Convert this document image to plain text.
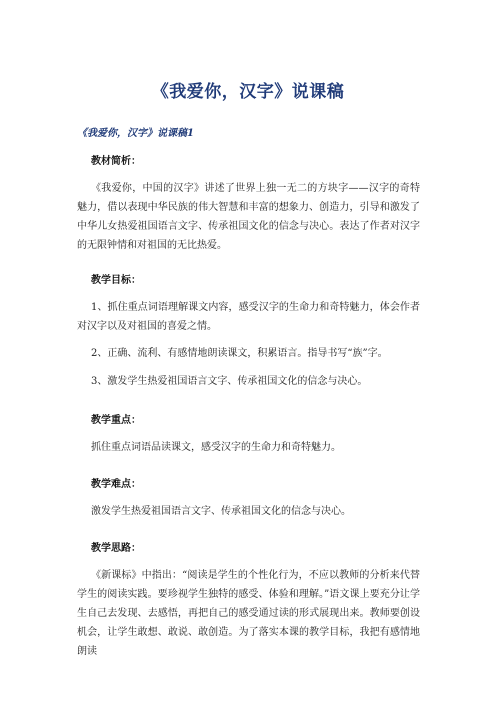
《我爱你，汉字》说课稿
《我爱你，汉字》说课稿1
教材简析：
《我爱你，中国的汉字》讲述了世界上独一无二的方块字——汉字的奇特魅力，借以表现中华民族的伟大智慧和丰富的想象力、创造力，引导和激发了中华儿女热爱祖国语言文字、传承祖国文化的信念与决心。表达了作者对汉字的无限钟情和对祖国的无比热爱。
教学目标：
1、抓住重点词语理解课文内容，感受汉字的生命力和奇特魅力，体会作者对汉字以及对祖国的喜爱之情。
2、正确、流利、有感情地朗读课文，积累语言。指导书写“族”字。
3、激发学生热爱祖国语言文字、传承祖国文化的信念与决心。
教学重点：
抓住重点词语品读课文，感受汉字的生命力和奇特魅力。
教学难点：
激发学生热爱祖国语言文字、传承祖国文化的信念与决心。
教学思路：
《新课标》中指出：“阅读是学生的个性化行为，不应以教师的分析来代替学生的阅读实践。要珍视学生独特的感受、体验和理解。”语文课上要充分让学生自己去发现、去感悟，再把自己的感受通过读的形式展现出来。教师要创设机会，让学生敢想、敢说、敢创造。为了落实本课的教学目标，我把有感情地朗读
